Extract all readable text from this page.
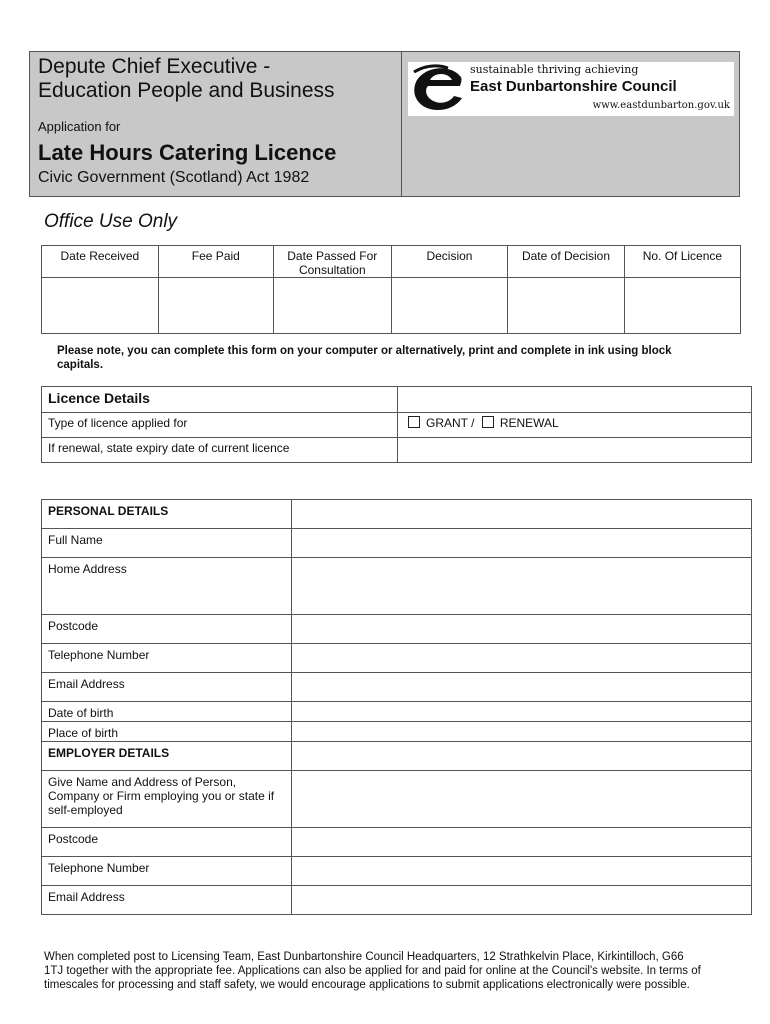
Depute Chief Executive -
Education People and Business
Application for
Late Hours Catering Licence
Civic Government (Scotland) Act 1982
sustainable thriving achieving
East Dunbartonshire Council
www.eastdunbarton.gov.uk
Office Use Only
Date Received	Fee Paid	Date Passed For Consultation	Decision	Date of Decision	No. Of Licence

Please note, you can complete this form on your computer or alternatively, print and complete in ink using block capitals.
Licence Details	
Type of licence applied for	GRANT / RENEWAL
If renewal, state expiry date of current licence	
PERSONAL DETAILS	
Full Name	
Home Address	
Postcode	
Telephone Number	
Email Address	
Date of birth	
Place of birth	
EMPLOYER DETAILS	
Give Name and Address of Person, Company or Firm employing you or state if self-employed	
Postcode	
Telephone Number	
Email Address	
When completed post to Licensing Team, East Dunbartonshire Council Headquarters, 12 Strathkelvin Place, Kirkintilloch, G66 1TJ together with the appropriate fee. Applications can also be applied for and paid for online at the Council's website. In terms of timescales for processing and staff safety, we would encourage applications to submit applications electronically were possible.
